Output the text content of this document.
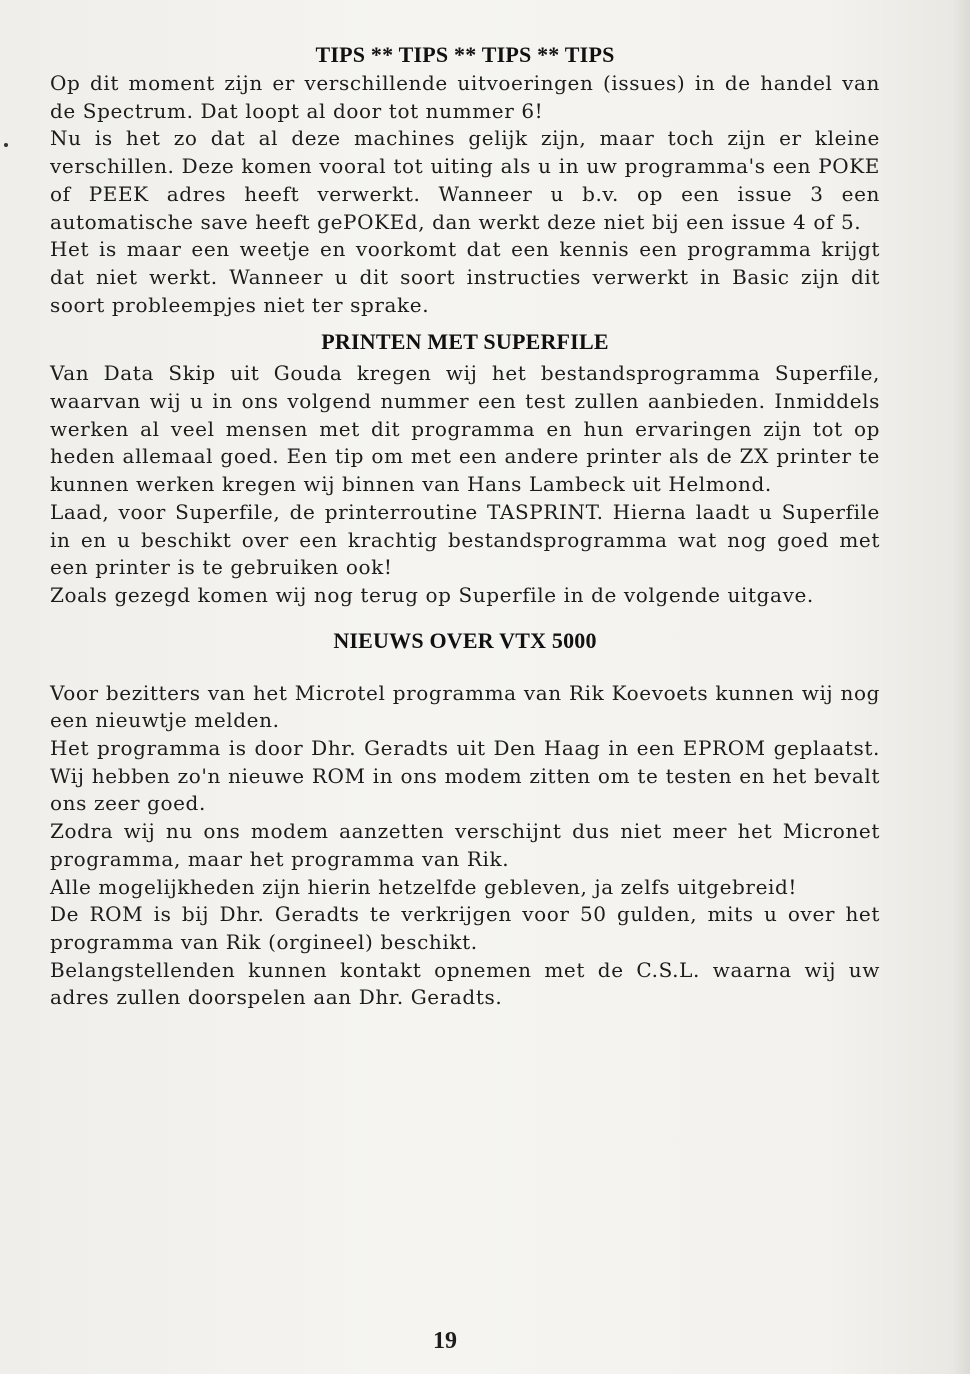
TIPS ** TIPS ** TIPS ** TIPS

Op dit moment zijn er verschillende uitvoeringen (issues) in de handel van de Spectrum. Dat loopt al door tot nummer 6!
Nu is het zo dat al deze machines gelijk zijn, maar toch zijn er kleine verschillen. Deze komen vooral tot uiting als u in uw programma's een POKE of PEEK adres heeft verwerkt. Wanneer u b.v. op een issue 3 een automatische save heeft gePOKEd, dan werkt deze niet bij een issue 4 of 5.
Het is maar een weetje en voorkomt dat een kennis een programma krijgt dat niet werkt. Wanneer u dit soort instructies verwerkt in Basic zijn dit soort probleempjes niet ter sprake.

PRINTEN MET SUPERFILE

Van Data Skip uit Gouda kregen wij het bestandsprogramma Superfile, waarvan wij u in ons volgend nummer een test zullen aanbieden. Inmiddels werken al veel mensen met dit programma en hun ervaringen zijn tot op heden allemaal goed. Een tip om met een andere printer als de ZX printer te kunnen werken kregen wij binnen van Hans Lambeck uit Helmond.
Laad, voor Superfile, de printerroutine TASPRINT. Hierna laadt u Superfile in en u beschikt over een krachtig bestandsprogramma wat nog goed met een printer is te gebruiken ook!
Zoals gezegd komen wij nog terug op Superfile in de volgende uitgave.

NIEUWS OVER VTX 5000

Voor bezitters van het Microtel programma van Rik Koevoets kunnen wij nog een nieuwtje melden.
Het programma is door Dhr. Geradts uit Den Haag in een EPROM geplaatst. Wij hebben zo'n nieuwe ROM in ons modem zitten om te testen en het bevalt ons zeer goed.
Zodra wij nu ons modem aanzetten verschijnt dus niet meer het Micronet programma, maar het programma van Rik.
Alle mogelijkheden zijn hierin hetzelfde gebleven, ja zelfs uitgebreid!
De ROM is bij Dhr. Geradts te verkrijgen voor 50 gulden, mits u over het programma van Rik (orgineel) beschikt.
Belangstellenden kunnen kontakt opnemen met de C.S.L. waarna wij uw adres zullen doorspelen aan Dhr. Geradts.

19
